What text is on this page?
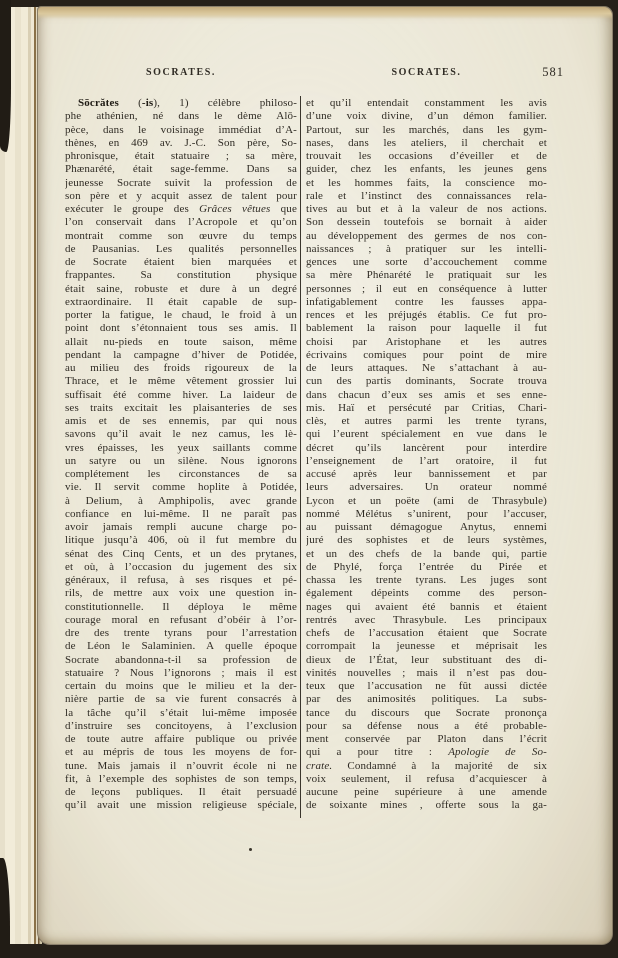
SOCRATES.	SOCRATES.	581
Sōcrătes (-is), 1) célèbre philoso-
phe athénien, né dans le dème Alō-
pèce, dans le voisinage immédiat d’A-
thènes, en 469 av. J.-C. Son père, So-
phronisque, était statuaire ; sa mère,
Phænarété, était sage-femme. Dans sa
jeunesse Socrate suivit la profession de
son père et y acquit assez de talent pour
exécuter le groupe des Grâces vêtues que
l’on conservait dans l’Acropole et qu’on
montrait comme son œuvre du temps
de Pausanias. Les qualités personnelles
de Socrate étaient bien marquées et
frappantes. Sa constitution physique
était saine, robuste et dure à un degré
extraordinaire. Il était capable de sup-
porter la fatigue, le chaud, le froid à un
point dont s’étonnaient tous ses amis. Il
allait nu-pieds en toute saison, même
pendant la campagne d’hiver de Potidée,
au milieu des froids rigoureux de la
Thrace, et le même vêtement grossier lui
suffisait été comme hiver. La laideur de
ses traits excitait les plaisanteries de ses
amis et de ses ennemis, par qui nous
savons qu’il avait le nez camus, les lè-
vres épaisses, les yeux saillants comme
un satyre ou un silène. Nous ignorons
complétement les circonstances de sa
vie. Il servit comme hoplite à Potidée,
à Delium, à Amphipolis, avec grande
confiance en lui-même. Il ne paraît pas
avoir jamais rempli aucune charge po-
litique jusqu’à 406, où il fut membre du
sénat des Cinq Cents, et un des prytanes,
et où, à l’occasion du jugement des six
généraux, il refusa, à ses risques et pé-
rils, de mettre aux voix une question in-
constitutionnelle. Il déploya le même
courage moral en refusant d’obéir à l’or-
dre des trente tyrans pour l’arrestation
de Léon le Salaminien. A quelle époque
Socrate abandonna-t-il sa profession de
statuaire ? Nous l’ignorons ; mais il est
certain du moins que le milieu et la der-
nière partie de sa vie furent consacrés à
la tâche qu’il s’était lui-même imposée
d’instruire ses concitoyens, à l’exclusion
de toute autre affaire publique ou privée
et au mépris de tous les moyens de for-
tune. Mais jamais il n’ouvrit école ni ne
fit, à l’exemple des sophistes de son temps,
de leçons publiques. Il était persuadé
qu’il avait une mission religieuse spéciale,
et qu’il entendait constamment les avis
d’une voix divine, d’un démon familier.
Partout, sur les marchés, dans les gym-
nases, dans les ateliers, il cherchait et
trouvait les occasions d’éveiller et de
guider, chez les enfants, les jeunes gens
et les hommes faits, la conscience mo-
rale et l’instinct des connaissances rela-
tives au but et à la valeur de nos actions.
Son dessein toutefois se bornait à aider
au développement des germes de nos con-
naissances ; à pratiquer sur les intelli-
gences une sorte d’accouchement comme
sa mère Phénarété le pratiquait sur les
personnes ; il eut en conséquence à lutter
infatigablement contre les fausses appa-
rences et les préjugés établis. Ce fut pro-
bablement la raison pour laquelle il fut
choisi par Aristophane et les autres
écrivains comiques pour point de mire
de leurs attaques. Ne s’attachant à au-
cun des partis dominants, Socrate trouva
dans chacun d’eux ses amis et ses enne-
mis. Haï et persécuté par Critias, Chari-
clès, et autres parmi les trente tyrans,
qui l’eurent spécialement en vue dans le
décret qu’ils lancèrent pour interdire
l’enseignement de l’art oratoire, il fut
accusé après leur bannissement et par
leurs adversaires. Un orateur nommé
Lycon et un poëte (ami de Thrasybule)
nommé Mélétus s’unirent, pour l’accuser,
au puissant démagogue Anytus, ennemi
juré des sophistes et de leurs systèmes,
et un des chefs de la bande qui, partie
de Phylé, força l’entrée du Pirée et
chassa les trente tyrans. Les juges sont
également dépeints comme des person-
nages qui avaient été bannis et étaient
rentrés avec Thrasybule. Les principaux
chefs de l’accusation étaient que Socrate
corrompait la jeunesse et méprisait les
dieux de l’État, leur substituant des di-
vinités nouvelles ; mais il n’est pas dou-
teux que l’accusation ne fût aussi dictée
par des animosités politiques. La subs-
tance du discours que Socrate prononça
pour sa défense nous a été probable-
ment conservée par Platon dans l’écrit
qui a pour titre : Apologie de So-
crate. Condamné à la majorité de six
voix seulement, il refusa d’acquiescer à
aucune peine supérieure à une amende
de soixante mines , offerte sous la ga-
